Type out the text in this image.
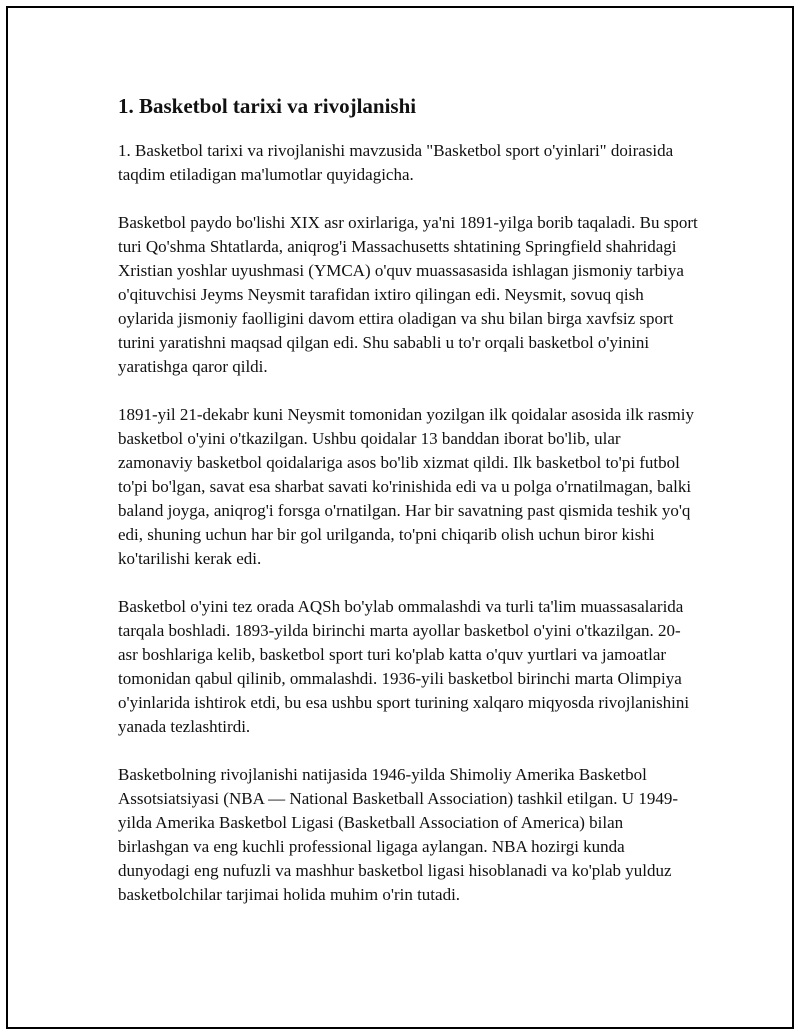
1. Basketbol tarixi va rivojlanishi

1. Basketbol tarixi va rivojlanishi mavzusida "Basketbol sport o'yinlari" doirasida taqdim etiladigan ma'lumotlar quyidagicha.

Basketbol paydo bo'lishi XIX asr oxirlariga, ya'ni 1891-yilga borib taqaladi. Bu sport turi Qo'shma Shtatlarda, aniqrog'i Massachusetts shtatining Springfield shahridagi Xristian yoshlar uyushmasi (YMCA) o'quv muassasasida ishlagan jismoniy tarbiya o'qituvchisi Jeyms Neysmit tarafidan ixtiro qilingan edi. Neysmit, sovuq qish oylarida jismoniy faolligini davom ettira oladigan va shu bilan birga xavfsiz sport turini yaratishni maqsad qilgan edi. Shu sababli u to'r orqali basketbol o'yinini yaratishga qaror qildi.

1891-yil 21-dekabr kuni Neysmit tomonidan yozilgan ilk qoidalar asosida ilk rasmiy basketbol o'yini o'tkazilgan. Ushbu qoidalar 13 banddan iborat bo'lib, ular zamonaviy basketbol qoidalariga asos bo'lib xizmat qildi. Ilk basketbol to'pi futbol to'pi bo'lgan, savat esa sharbat savati ko'rinishida edi va u polga o'rnatilmagan, balki baland joyga, aniqrog'i forsga o'rnatilgan. Har bir savatning past qismida teshik yo'q edi, shuning uchun har bir gol urilganda, to'pni chiqarib olish uchun biror kishi ko'tarilishi kerak edi.

Basketbol o'yini tez orada AQSh bo'ylab ommalashdi va turli ta'lim muassasalarida tarqala boshladi. 1893-yilda birinchi marta ayollar basketbol o'yini o'tkazilgan. 20-asr boshlariga kelib, basketbol sport turi ko'plab katta o'quv yurtlari va jamoatlar tomonidan qabul qilinib, ommalashdi. 1936-yili basketbol birinchi marta Olimpiya o'yinlarida ishtirok etdi, bu esa ushbu sport turining xalqaro miqyosda rivojlanishini yanada tezlashtirdi.

Basketbolning rivojlanishi natijasida 1946-yilda Shimoliy Amerika Basketbol Assotsiatsiyasi (NBA — National Basketball Association) tashkil etilgan. U 1949-yilda Amerika Basketbol Ligasi (Basketball Association of America) bilan birlashgan va eng kuchli professional ligaga aylangan. NBA hozirgi kunda dunyodagi eng nufuzli va mashhur basketbol ligasi hisoblanadi va ko'plab yulduz basketbolchilar tarjimai holida muhim o'rin tutadi.
